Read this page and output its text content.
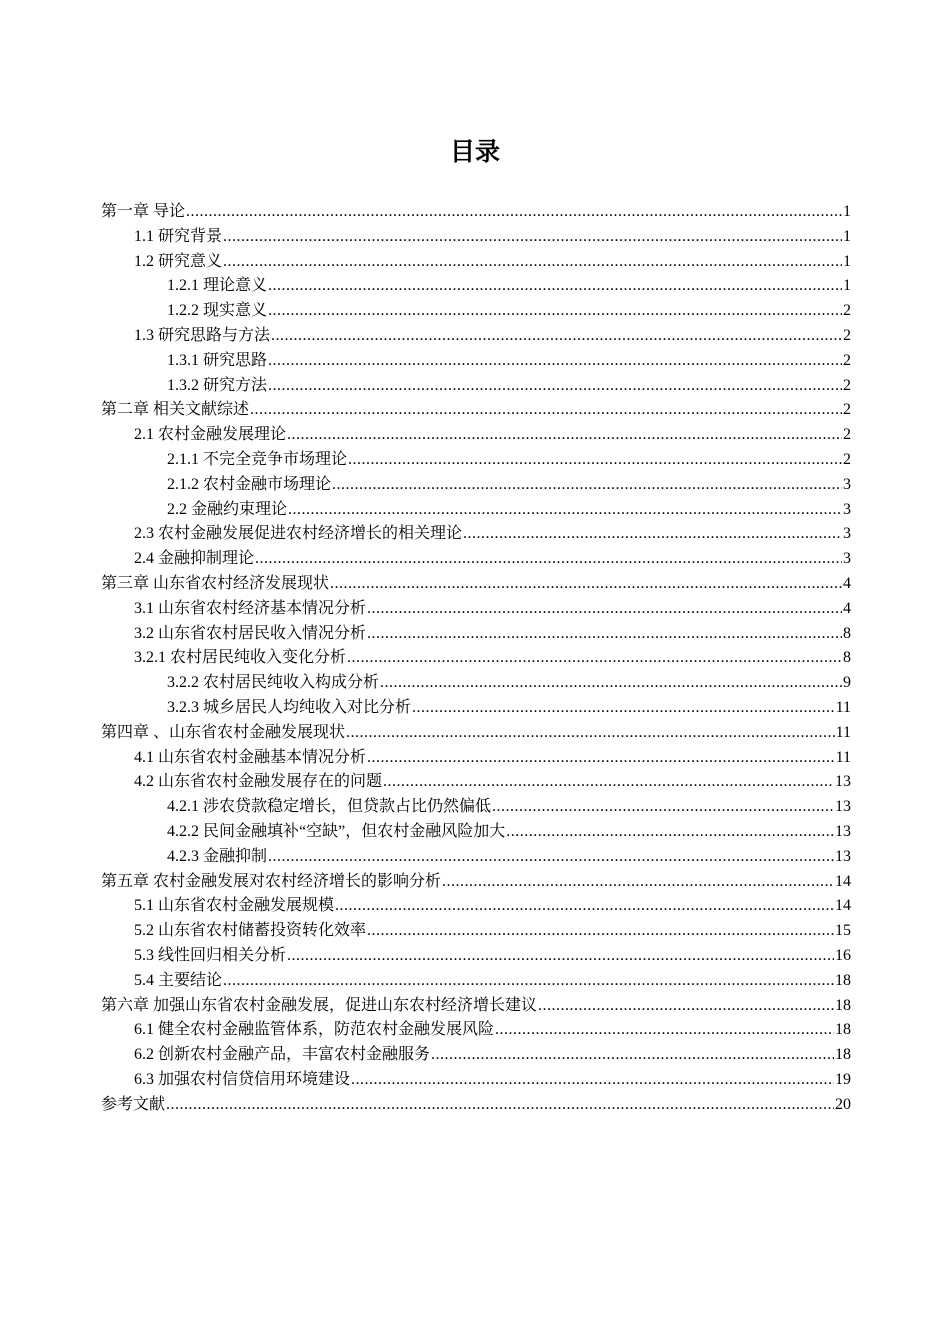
目录
第一章 导论 .....	1
1.1 研究背景 .....	1
1.2 研究意义 .....	1
1.2.1 理论意义 .....	1
1.2.2 现实意义 .....	2
1.3 研究思路与方法 .....	2
1.3.1 研究思路 .....	2
1.3.2 研究方法 .....	2
第二章 相关文献综述 .....	2
2.1 农村金融发展理论 .....	2
2.1.1 不完全竞争市场理论 .....	2
2.1.2 农村金融市场理论 .....	3
2.2 金融约束理论 .....	3
2.3 农村金融发展促进农村经济增长的相关理论 .....	3
2.4 金融抑制理论 .....	3
第三章 山东省农村经济发展现状 .....	4
3.1 山东省农村经济基本情况分析 .....	4
3.2 山东省农村居民收入情况分析 .....	8
3.2.1 农村居民纯收入变化分析 .....	8
3.2.2 农村居民纯收入构成分析 .....	9
3.2.3 城乡居民人均纯收入对比分析 .....	11
第四章 、山东省农村金融发展现状 .....	11
4.1 山东省农村金融基本情况分析 .....	11
4.2 山东省农村金融发展存在的问题 .....	13
4.2.1 涉农贷款稳定增长，但贷款占比仍然偏低 .....	13
4.2.2 民间金融填补“空缺”，但农村金融风险加大 .....	13
4.2.3 金融抑制 .....	13
第五章 农村金融发展对农村经济增长的影响分析 .....	14
5.1 山东省农村金融发展规模 .....	14
5.2 山东省农村储蓄投资转化效率 .....	15
5.3 线性回归相关分析 .....	16
5.4 主要结论 .....	18
第六章 加强山东省农村金融发展，促进山东农村经济增长建议 .....	18
6.1 健全农村金融监管体系，防范农村金融发展风险 .....	18
6.2 创新农村金融产品，丰富农村金融服务 .....	18
6.3 加强农村信贷信用环境建设 .....	19
参考文献 .....	20
